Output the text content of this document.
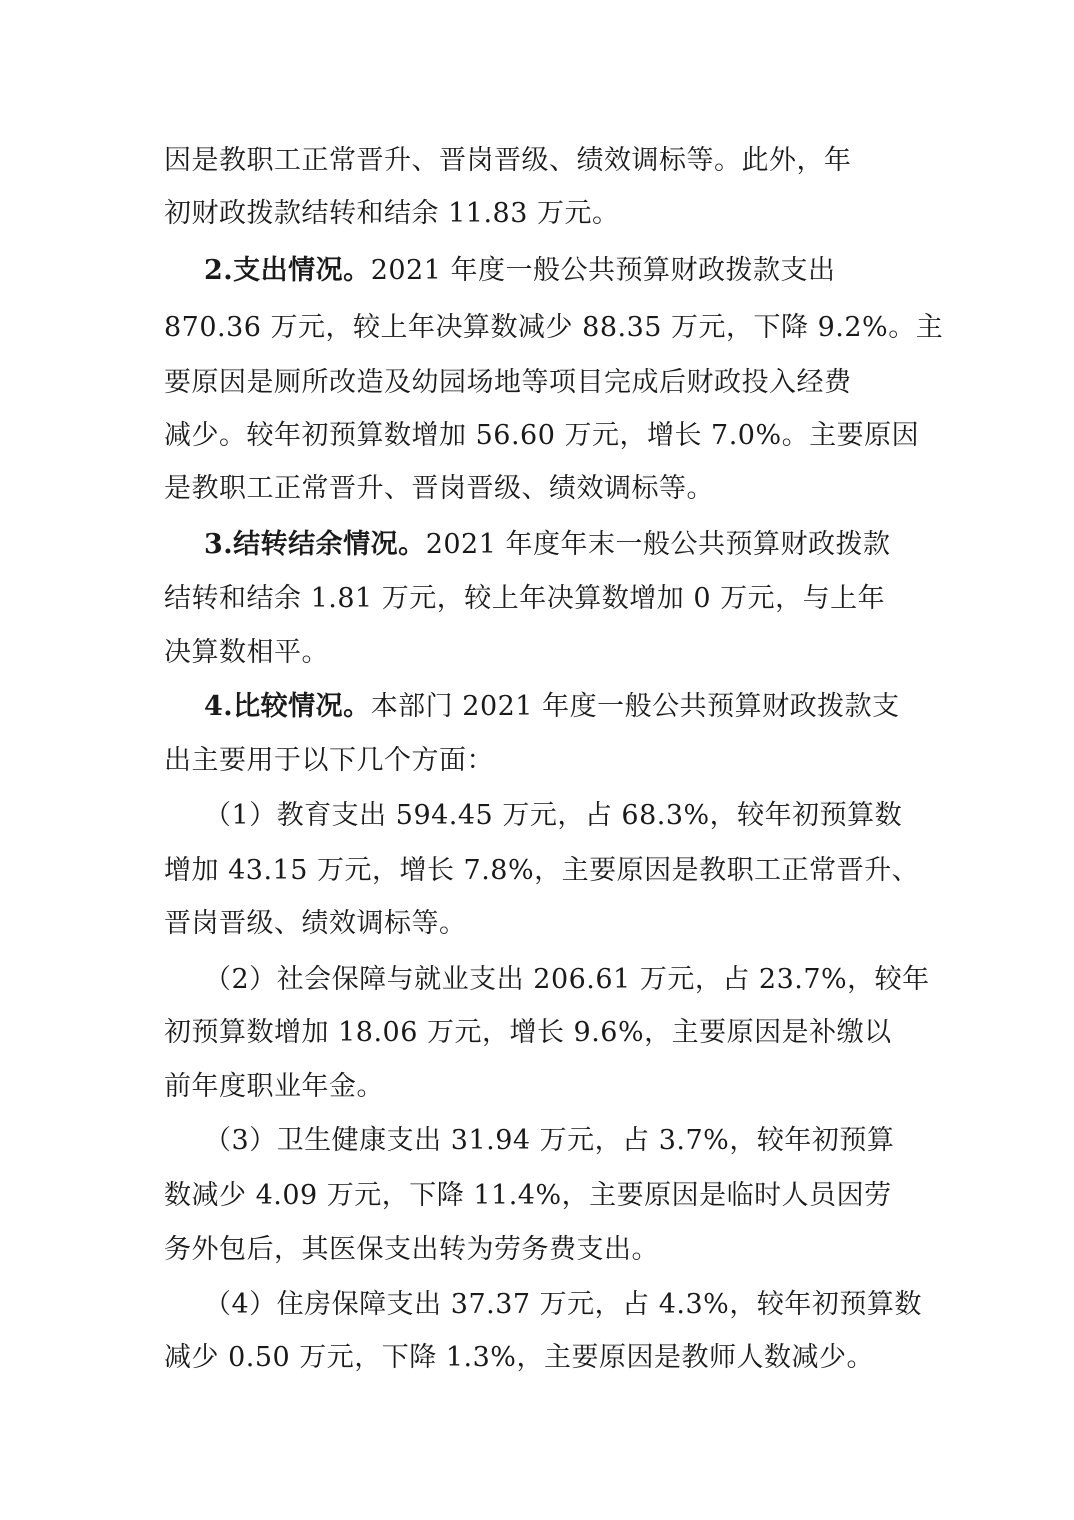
因是教职工正常晋升、晋岗晋级、绩效调标等。此外，年
初财政拨款结转和结余 11.83 万元。
2.支出情况。2021 年度一般公共预算财政拨款支出
870.36 万元，较上年决算数减少 88.35 万元，下降 9.2%。主
要原因是厕所改造及幼园场地等项目完成后财政投入经费
减少。较年初预算数增加 56.60 万元，增长 7.0%。主要原因
是教职工正常晋升、晋岗晋级、绩效调标等。
3.结转结余情况。2021 年度年末一般公共预算财政拨款
结转和结余 1.81 万元，较上年决算数增加 0 万元，与上年
决算数相平。
4.比较情况。本部门 2021 年度一般公共预算财政拨款支
出主要用于以下几个方面：
（1）教育支出 594.45 万元，占 68.3%，较年初预算数
增加 43.15 万元，增长 7.8%，主要原因是教职工正常晋升、
晋岗晋级、绩效调标等。
（2）社会保障与就业支出 206.61 万元，占 23.7%，较年
初预算数增加 18.06 万元，增长 9.6%，主要原因是补缴以
前年度职业年金。
（3）卫生健康支出 31.94 万元，占 3.7%，较年初预算
数减少 4.09 万元，下降 11.4%，主要原因是临时人员因劳
务外包后，其医保支出转为劳务费支出。
（4）住房保障支出 37.37 万元，占 4.3%，较年初预算数
减少 0.50 万元，下降 1.3%，主要原因是教师人数减少。
